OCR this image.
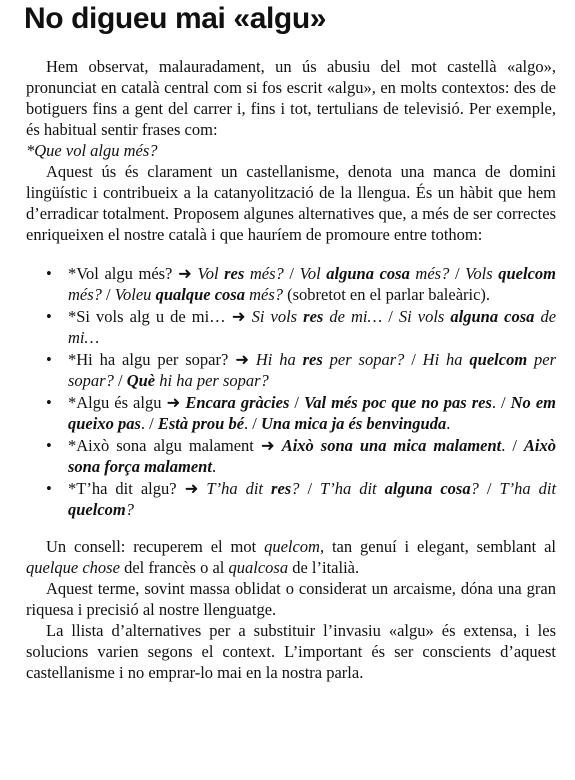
No digueu mai «algu»

Hem observat, malauradament, un ús abusiu del mot castellà «algo», pronunciat en català central com si fos escrit «algu», en molts contextos: des de botiguers fins a gent del carrer i, fins i tot, tertulians de televisió. Per exemple, és habitual sentir frases com:
*Que vol algu més?

Aquest ús és clarament un castellanisme, denota una manca de domini lingüístic i contribueix a la catanyolització de la llengua. És un hàbit que hem d’erradicar totalment. Proposem algunes alternatives que, a més de ser correctes enriqueixen el nostre català i que hauríem de promoure entre tothom:

• *Vol algu més? ➜ Vol res més? / Vol alguna cosa més? / Vols quelcom més? / Voleu qualque cosa més? (sobretot en el parlar baleàric).
• *Si vols alg u de mi… ➜ Si vols res de mi… / Si vols alguna cosa de mi…
• *Hi ha algu per sopar? ➜ Hi ha res per sopar? / Hi ha quelcom per sopar? / Què hi ha per sopar?
• *Algu és algu ➜ Encara gràcies / Val més poc que no pas res. / No em queixo pas. / Està prou bé. / Una mica ja és benvinguda.
• *Això sona algu malament ➜ Això sona una mica malament. / Això sona força malament.
• *T’ha dit algu? ➜ T’ha dit res? / T’ha dit alguna cosa? / T’ha dit quelcom?

Un consell: recuperem el mot quelcom, tan genuí i elegant, semblant al quelque chose del francès o al qualcosa de l’italià.

Aquest terme, sovint massa oblidat o considerat un arcaisme, dóna una gran riquesa i precisió al nostre llenguatge.

La llista d’alternatives per a substituir l’invasiu «algu» és extensa, i les solucions varien segons el context. L’important és ser conscients d’aquest castellanisme i no emprar-lo mai en la nostra parla.
